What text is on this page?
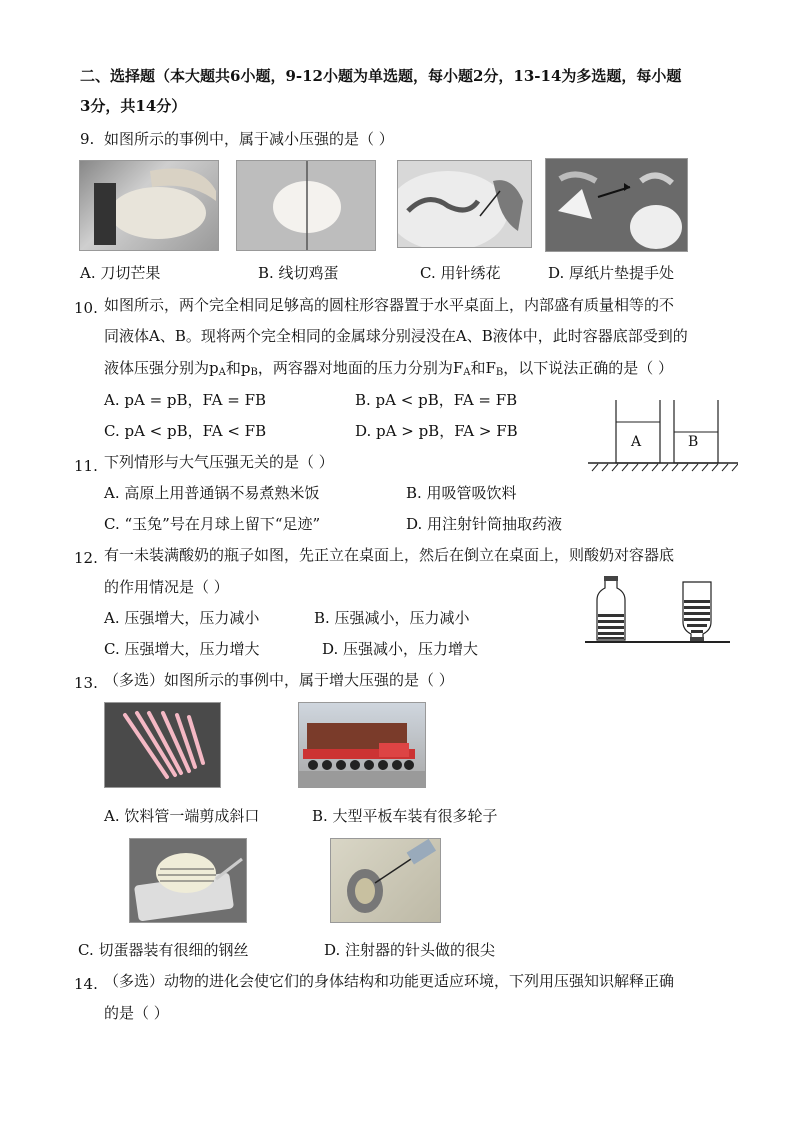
二、选择题（本大题共6小题，9-12小题为单选题，每小题2分，13-14为多选题，每小题
3分，共14分）
9. 如图所示的事例中，属于减小压强的是（ ）
A. 刀切芒果	B. 线切鸡蛋	C. 用针绣花	D. 厚纸片垫提手处
10. 如图所示，两个完全相同足够高的圆柱形容器置于水平桌面上，内部盛有质量相等的不
同液体A、B。现将两个完全相同的金属球分别浸没在A、B液体中，此时容器底部受到的
液体压强分别为$p_A$和$p_B$，两容器对地面的压力分别为$F_A$和$F_B$，以下说法正确的是（ ）
A. pA = pB，FA = FB	B. pA < pB，FA = FB
C. pA < pB，FA < FB	D. pA > pB，FA > FB
A	B
11. 下列情形与大气压强无关的是（ ）
A. 高原上用普通锅不易煮熟米饭	B. 用吸管吸饮料
C. “玉兔”号在月球上留下“足迹”	D. 用注射针筒抽取药液
12. 有一未装满酸奶的瓶子如图，先正立在桌面上，然后在倒立在桌面上，则酸奶对容器底
的作用情况是（ ）
A. 压强增大，压力减小	B. 压强减小，压力减小
C. 压强增大，压力增大	D. 压强减小，压力增大
13. （多选）如图所示的事例中，属于增大压强的是（ ）
A. 饮料管一端剪成斜口	B. 大型平板车装有很多轮子
C. 切蛋器装有很细的钢丝	D. 注射器的针头做的很尖
14. （多选）动物的进化会使它们的身体结构和功能更适应环境，下列用压强知识解释正确
的是（ ）
